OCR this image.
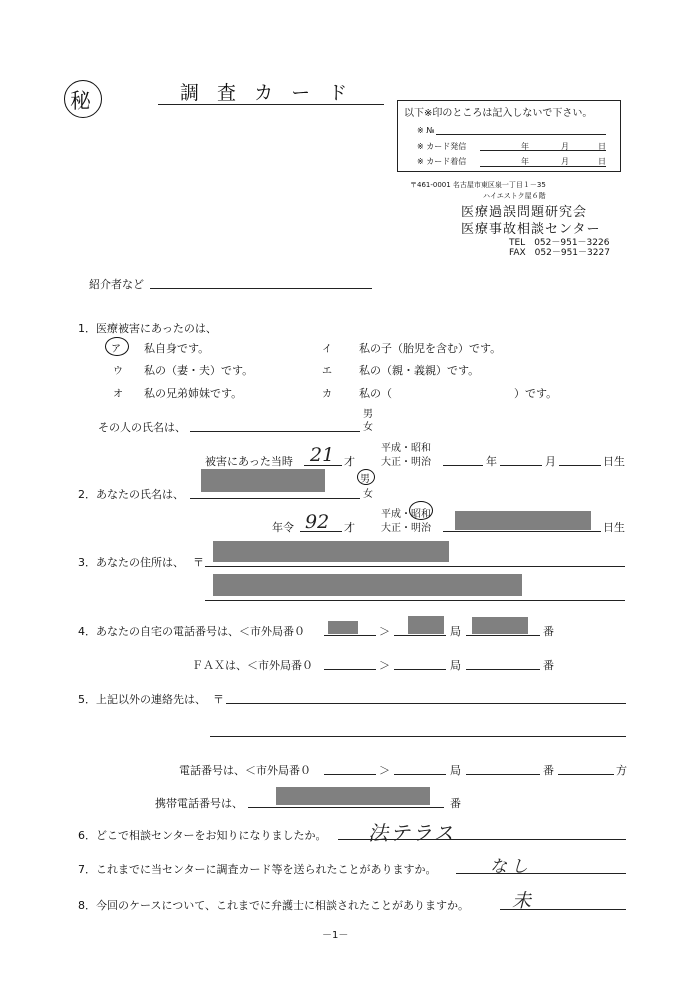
秘	調 査 カ ー ド
以下※印のところは記入しないで下さい。
※ №
※ カード発信	年	月	日
※ カード着信	年	月	日
〒461-0001 名古屋市東区泉一丁目１－35
ハイエストク屋６階
医療過誤問題研究会
医療事故相談センター
TEL　052－951－3226
FAX　052－951－3227
紹介者など
1．医療被害にあったのは、
ア 私自身です。	イ 私の子（胎児を含む）です。
ウ 私の（妻・夫）です。	エ 私の（親・義親）です。
オ 私の兄弟姉妹です。	カ 私の（	）です。
その人の氏名は、
男
女
平成・昭和
被害にあった当時 21 才	大正・明治	年	月	日生
2．あなたの氏名は、
男
女
平成・昭和
年令 92 才	大正・明治	日生
3．あなたの住所は、 〒
4．あなたの自宅の電話番号は、＜市外局番０	＞	局	番
ＦＡＸは、＜市外局番０	＞	局	番
5．上記以外の連絡先は、 〒
電話番号は、＜市外局番０	＞	局	番	方
携帯電話番号は、	番
6．どこで相談センターをお知りになりましたか。 法テラス
7．これまでに当センターに調査カード等を送られたことがありますか。	なし
8．今回のケースについて、これまでに弁護士に相談されたことがありますか。 未
－1－
